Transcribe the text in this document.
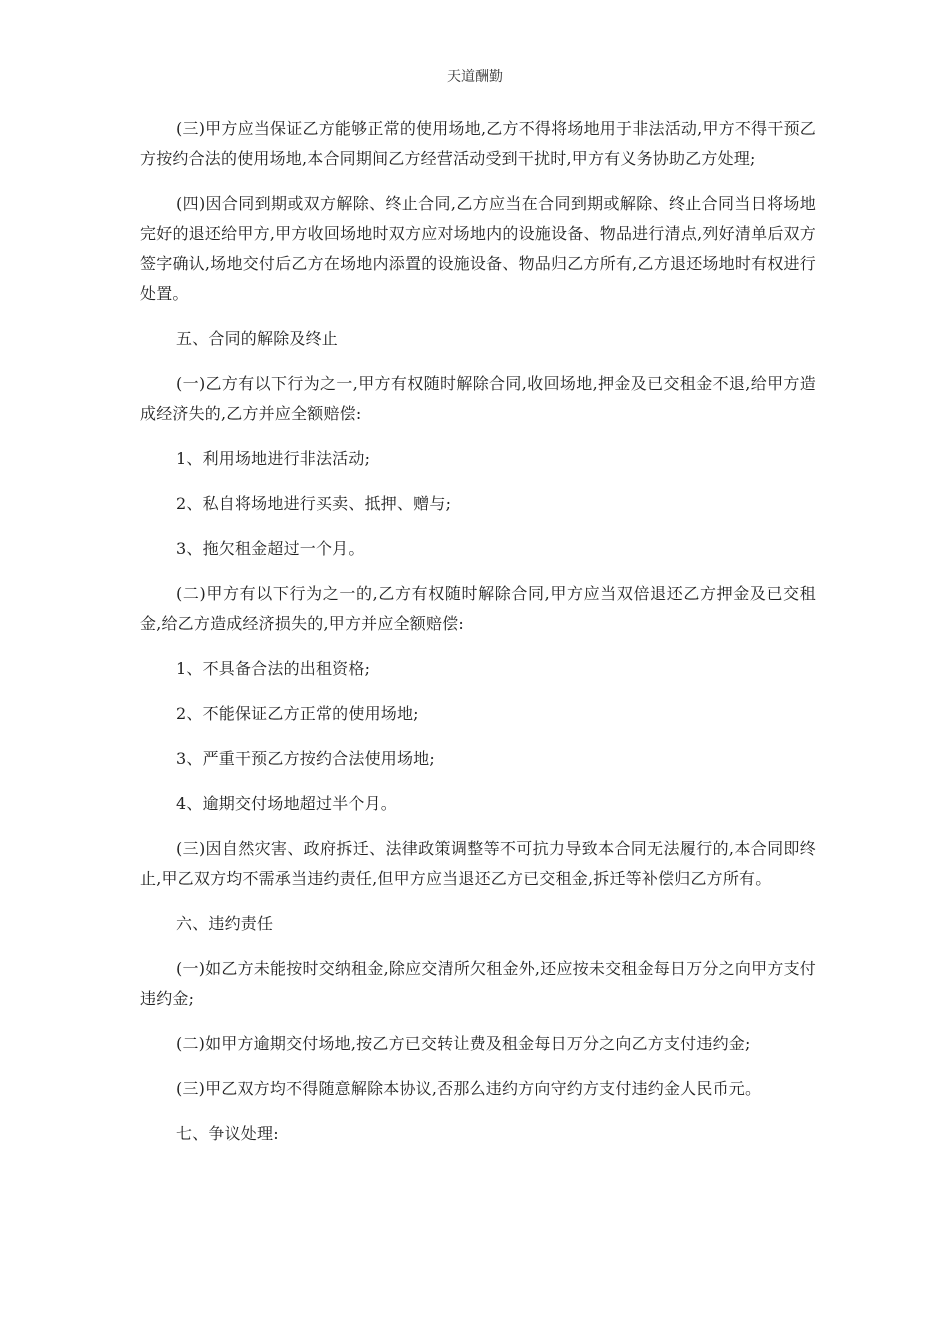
天道酬勤

(三)甲方应当保证乙方能够正常的使用场地,乙方不得将场地用于非法活动,甲方不得干预乙方按约合法的使用场地,本合同期间乙方经营活动受到干扰时,甲方有义务协助乙方处理;

(四)因合同到期或双方解除、终止合同,乙方应当在合同到期或解除、终止合同当日将场地完好的退还给甲方,甲方收回场地时双方应对场地内的设施设备、物品进行清点,列好清单后双方签字确认,场地交付后乙方在场地内添置的设施设备、物品归乙方所有,乙方退还场地时有权进行处置。

五、合同的解除及终止

(一)乙方有以下行为之一,甲方有权随时解除合同,收回场地,押金及已交租金不退,给甲方造成经济失的,乙方并应全额赔偿:

1、利用场地进行非法活动;

2、私自将场地进行买卖、抵押、赠与;

3、拖欠租金超过一个月。

(二)甲方有以下行为之一的,乙方有权随时解除合同,甲方应当双倍退还乙方押金及已交租金,给乙方造成经济损失的,甲方并应全额赔偿:

1、不具备合法的出租资格;

2、不能保证乙方正常的使用场地;

3、严重干预乙方按约合法使用场地;

4、逾期交付场地超过半个月。

(三)因自然灾害、政府拆迁、法律政策调整等不可抗力导致本合同无法履行的,本合同即终止,甲乙双方均不需承当违约责任,但甲方应当退还乙方已交租金,拆迁等补偿归乙方所有。

六、违约责任

(一)如乙方未能按时交纳租金,除应交清所欠租金外,还应按未交租金每日万分之向甲方支付违约金;

(二)如甲方逾期交付场地,按乙方已交转让费及租金每日万分之向乙方支付违约金;

(三)甲乙双方均不得随意解除本协议,否那么违约方向守约方支付违约金人民币元。

七、争议处理:
